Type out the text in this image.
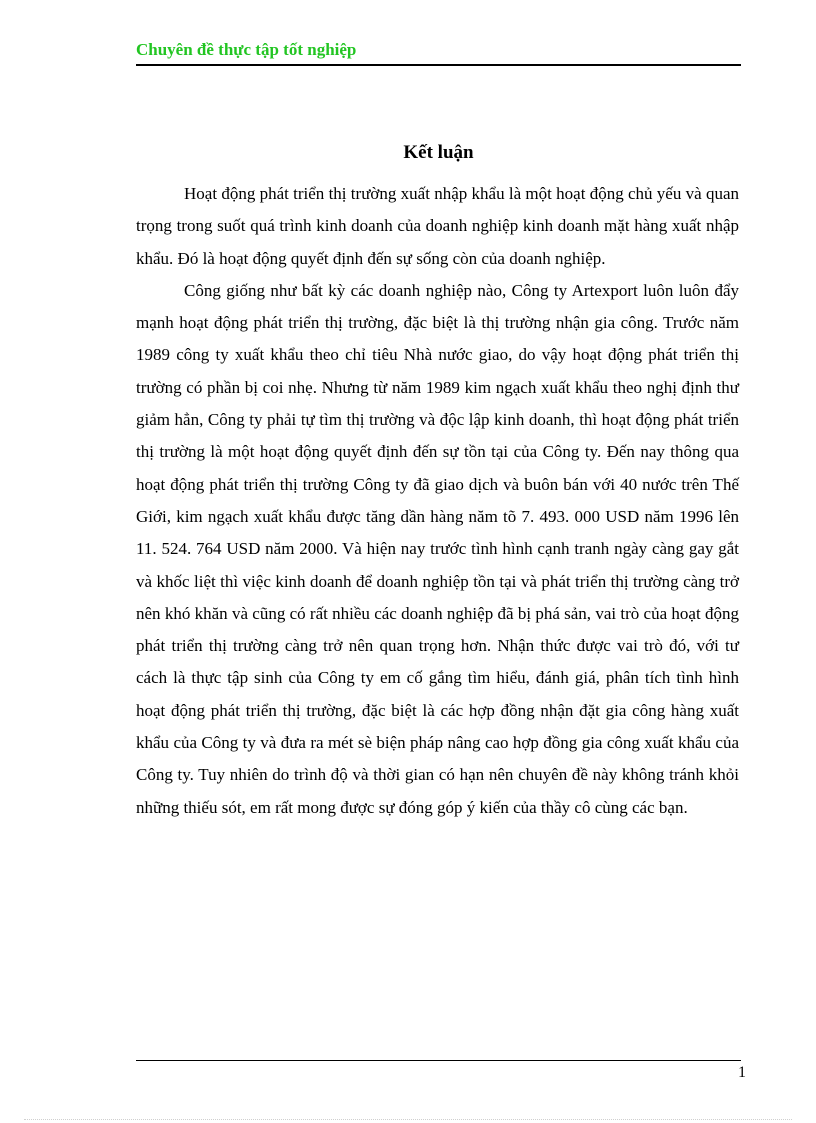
Chuyên đề thực tập tốt nghiệp
Kết luận

Hoạt động phát triển thị trường xuất nhập khẩu là một hoạt động chủ yếu và quan trọng trong suốt quá trình kinh doanh của doanh nghiệp kinh doanh mặt hàng xuất nhập khẩu. Đó là hoạt động quyết định đến sự sống còn của doanh nghiệp.

Công giống như bất kỳ các doanh nghiệp nào, Công ty Artexport luôn luôn đẩy mạnh hoạt động phát triển thị trường, đặc biệt là thị trường nhận gia công. Trước năm 1989 công ty xuất khẩu theo chỉ tiêu Nhà nước giao, do vậy hoạt động phát triển thị trường có phần bị coi nhẹ. Nhưng từ năm 1989 kim ngạch xuất khẩu theo nghị định thư giảm hẳn, Công ty phải tự tìm thị trường và độc lập kinh doanh, thì hoạt động phát triển thị trường là một hoạt động quyết định đến sự tồn tại của Công ty. Đến nay thông qua hoạt động phát triển thị trường Công ty đã giao dịch và buôn bán với 40 nước trên Thế Giới, kim ngạch xuất khẩu được tăng dần hàng năm tõ 7. 493. 000 USD năm 1996 lên 11. 524. 764 USD năm 2000. Và hiện nay trước tình hình cạnh tranh ngày càng gay gắt và khốc liệt thì việc kinh doanh để doanh nghiệp tồn tại và phát triển thị trường càng trở nên khó khăn và cũng có rất nhiều các doanh nghiệp đã bị phá sản, vai trò của hoạt động phát triển thị trường càng trở nên quan trọng hơn. Nhận thức được vai trò đó, với tư cách là thực tập sinh của Công ty em cố gắng tìm hiểu, đánh giá, phân tích tình hình hoạt động phát triển thị trường, đặc biệt là các hợp đồng nhận đặt gia công hàng xuất khẩu của Công ty và đưa ra mét sè biện pháp nâng cao hợp đồng gia công xuất khẩu của Công ty. Tuy nhiên do trình độ và thời gian có hạn nên chuyên đề này không tránh khỏi những thiếu sót, em rất mong được sự đóng góp ý kiến của thầy cô cùng các bạn.

1
